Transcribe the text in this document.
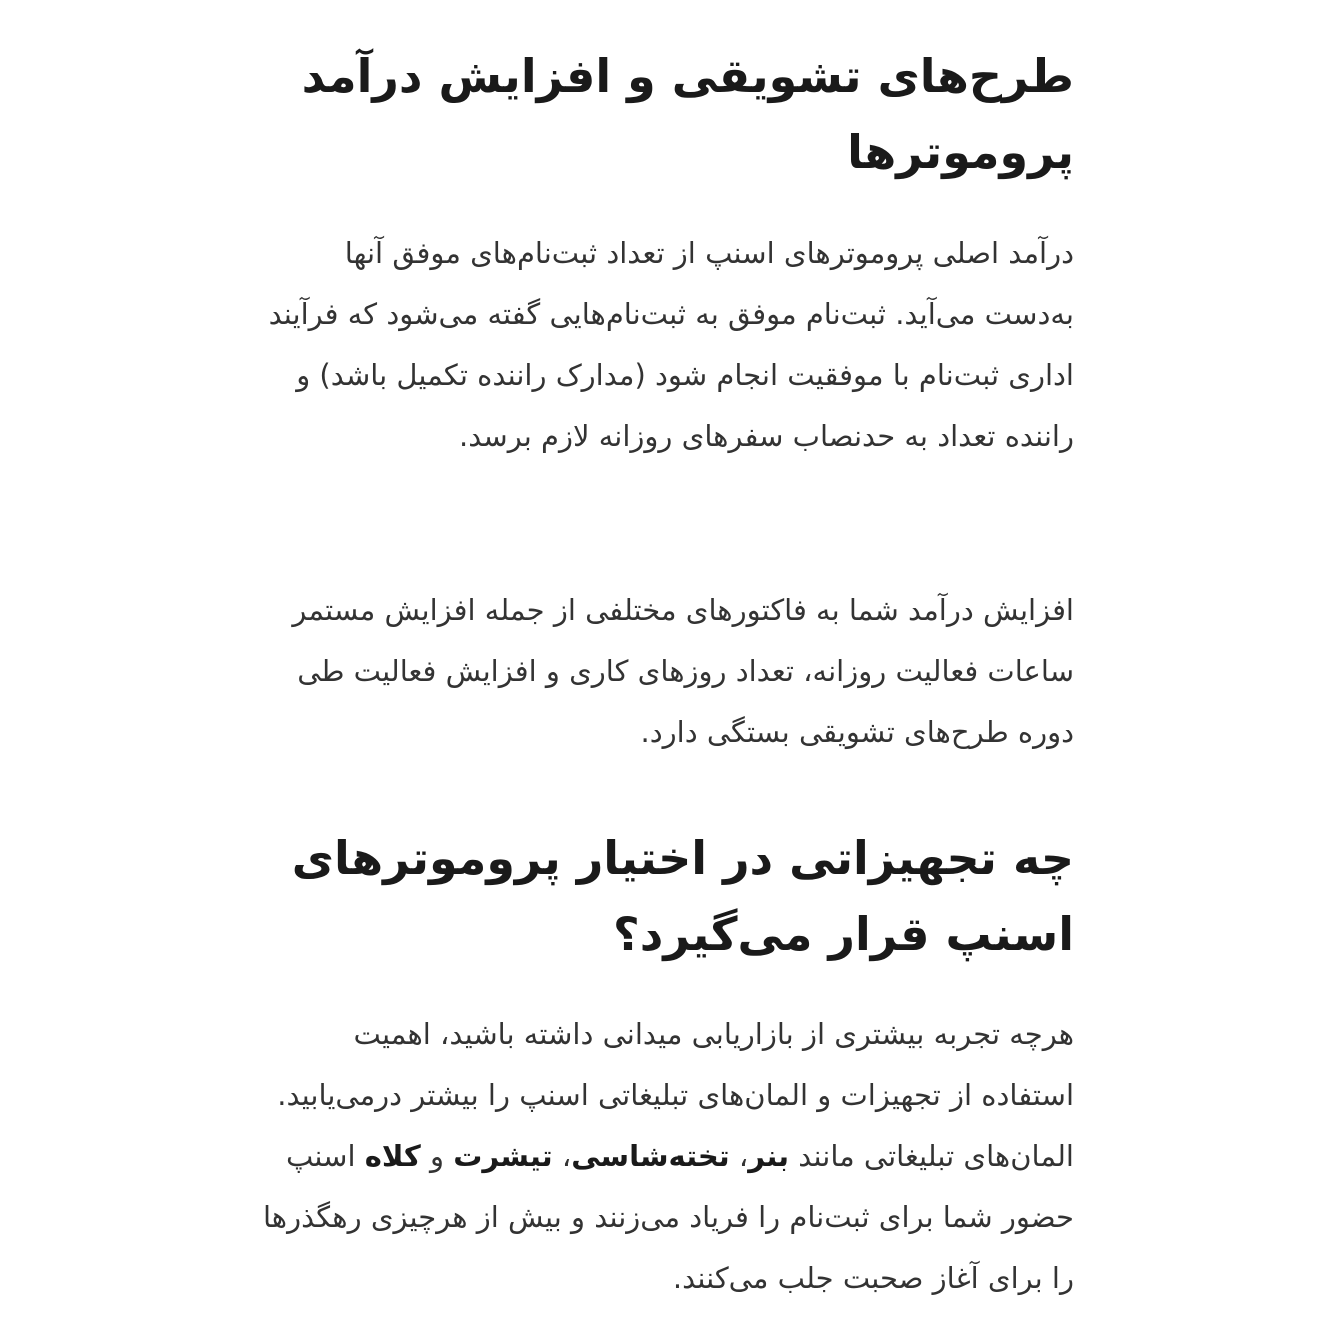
طرح‌های تشویقی و افزایش درآمد پروموترها

درآمد اصلی پروموترهای اسنپ از تعداد ثبت‌نام‌های موفق آنها به‌دست می‌آید. ثبت‌نام موفق به ثبت‌نام‌هایی گفته می‌شود که فرآیند اداری ثبت‌نام با موفقیت انجام شود (مدارک راننده تکمیل باشد) و راننده تعداد به حدنصاب سفرهای روزانه لازم برسد.

افزایش درآمد شما به فاکتورهای مختلفی از جمله افزایش مستمر ساعات فعالیت روزانه، تعداد روزهای کاری و افزایش فعالیت طی دوره طرح‌های تشویقی بستگی دارد.

چه تجهیزاتی در اختیار پروموترهای اسنپ قرار می‌گیرد؟

هرچه تجربه بیشتری از بازاریابی میدانی داشته باشید، اهمیت استفاده از تجهیزات و المان‌های تبلیغاتی اسنپ را بیشتر درمی‌یابید. المان‌های تبلیغاتی مانند بنر، تخته‌شاسی، تیشرت و کلاه اسنپ حضور شما برای ثبت‌نام را فریاد می‌زنند و بیش از هرچیزی رهگذرها را برای آغاز صحبت جلب می‌کنند.
